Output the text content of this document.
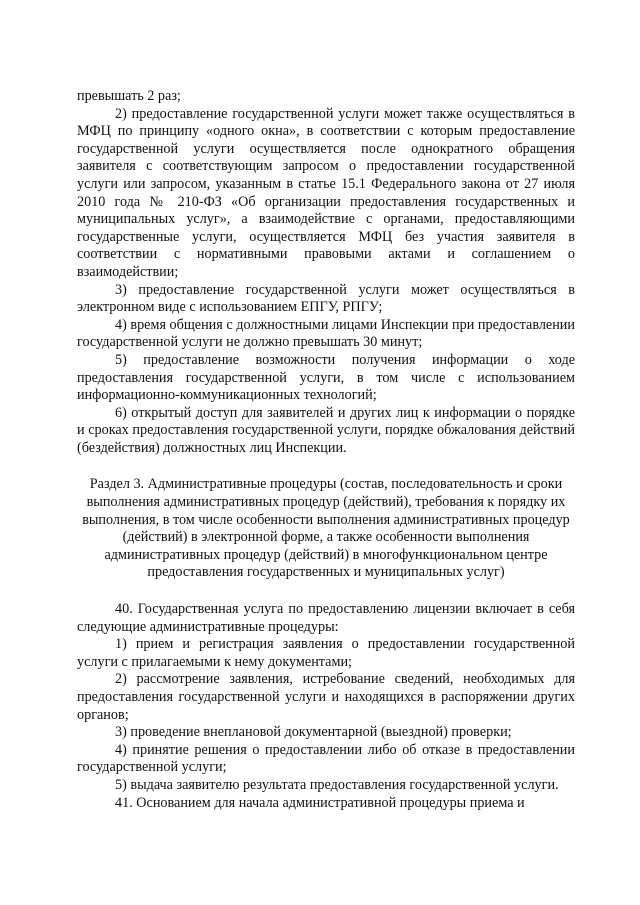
превышать 2 раз;

2) предоставление государственной услуги может также осуществляться в МФЦ по принципу «одного окна», в соответствии с которым предоставление государственной услуги осуществляется после однократного обращения заявителя с соответствующим запросом о предоставлении государственной услуги или запросом, указанным в статье 15.1 Федерального закона от 27 июля 2010 года № 210-ФЗ «Об организации предоставления государственных и муниципальных услуг», а взаимодействие с органами, предоставляющими государственные услуги, осуществляется МФЦ без участия заявителя в соответствии с нормативными правовыми актами и соглашением о взаимодействии;

3) предоставление государственной услуги может осуществляться в электронном виде с использованием ЕПГУ, РПГУ;

4) время общения с должностными лицами Инспекции при предоставлении государственной услуги не должно превышать 30 минут;

5) предоставление возможности получения информации о ходе предоставления государственной услуги, в том числе с использованием информационно-коммуникационных технологий;

6) открытый доступ для заявителей и других лиц к информации о порядке и сроках предоставления государственной услуги, порядке обжалования действий (бездействия) должностных лиц Инспекции.

Раздел 3. Административные процедуры (состав, последовательность и сроки выполнения административных процедур (действий), требования к порядку их выполнения, в том числе особенности выполнения административных процедур (действий) в электронной форме, а также особенности выполнения административных процедур (действий) в многофункциональном центре предоставления государственных и муниципальных услуг)

40. Государственная услуга по предоставлению лицензии включает в себя следующие административные процедуры:

1) прием и регистрация заявления о предоставлении государственной услуги с прилагаемыми к нему документами;

2) рассмотрение заявления, истребование сведений, необходимых для предоставления государственной услуги и находящихся в распоряжении других органов;

3) проведение внеплановой документарной (выездной) проверки;

4) принятие решения о предоставлении либо об отказе в предоставлении государственной услуги;

5) выдача заявителю результата предоставления государственной услуги.

41. Основанием для начала административной процедуры приема и
